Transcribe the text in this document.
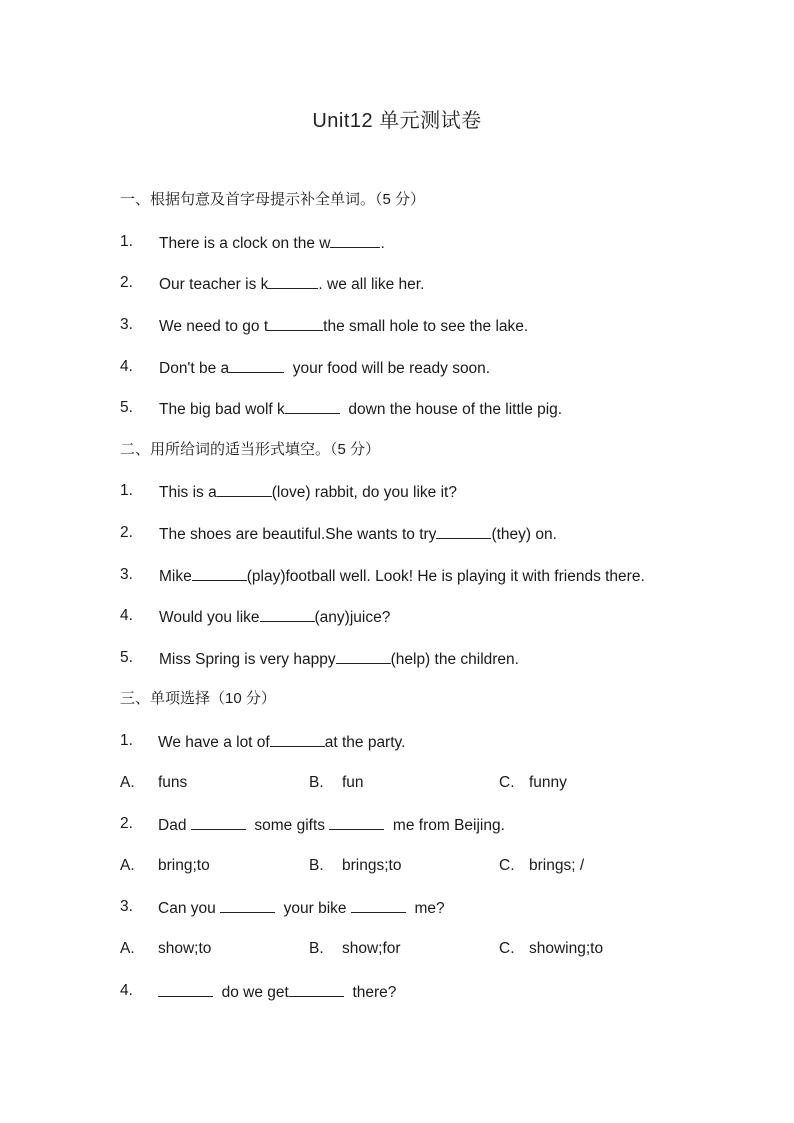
Unit12 单元测试卷
一、根据句意及首字母提示补全单词。（5 分）
1. There is a clock on the w	.
2. Our teacher is k	. we all like her.
3. We need to go t	the small hole to see the lake.
4. Don't be a	your food will be ready soon.
5. The big bad wolf k	down the house of the little pig.
二、用所给词的适当形式填空。（5 分）
1. This is a	(love) rabbit, do you like it?
2. The shoes are beautiful.She wants to try	(they) on.
3. Mike	(play)football well. Look! He is playing it with friends there.
4. Would you like	(any)juice?
5. Miss Spring is very happy	(help) the children.
三、单项选择（10 分）
1. We have a lot of	at the party.
A. funs	B. fun	C. funny
2. Dad	some gifts	me from Beijing.
A. bring;to	B. brings;to	C. brings; /
3. Can you	your bike	me?
A. show;to	B. show;for	C. showing;to
4.	do we get	there?
